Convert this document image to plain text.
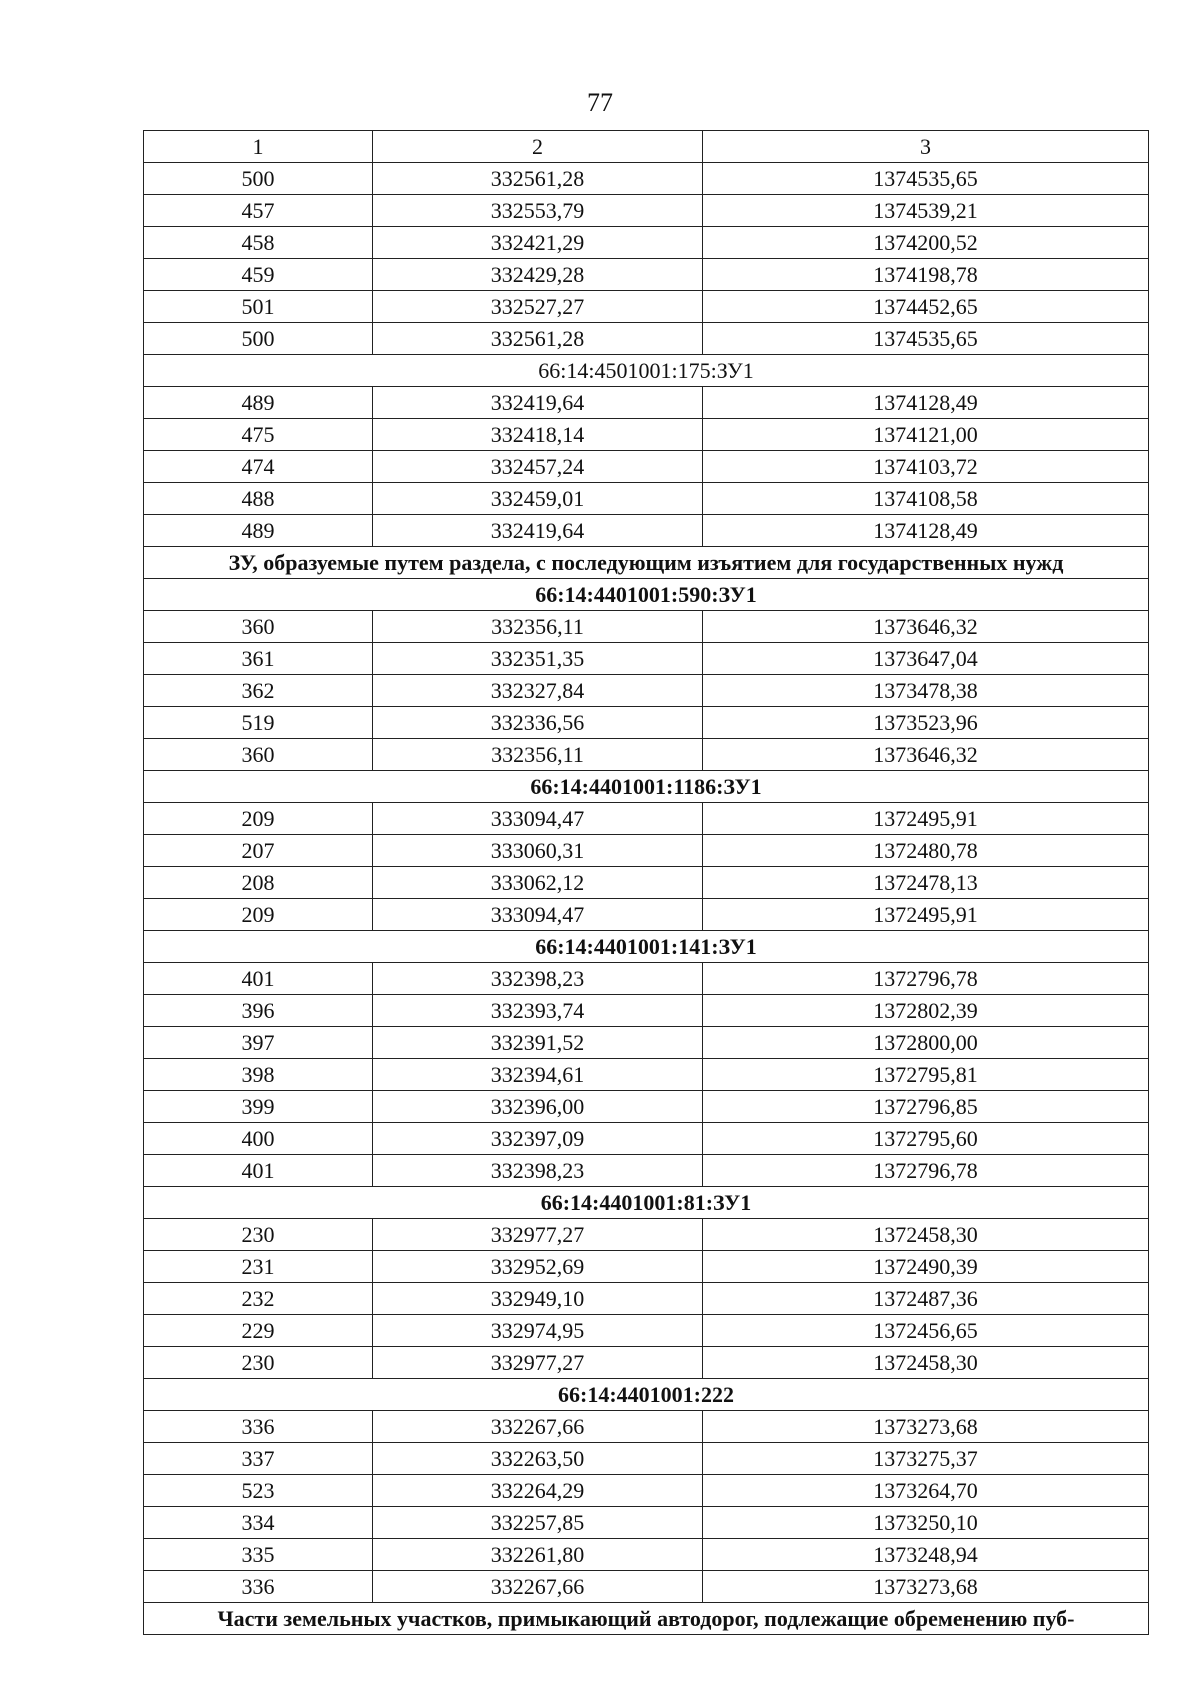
77
1	2	3
500	332561,28	1374535,65
457	332553,79	1374539,21
458	332421,29	1374200,52
459	332429,28	1374198,78
501	332527,27	1374452,65
500	332561,28	1374535,65
66:14:4501001:175:ЗУ1		
489	332419,64	1374128,49
475	332418,14	1374121,00
474	332457,24	1374103,72
488	332459,01	1374108,58
489	332419,64	1374128,49
ЗУ, образуемые путем раздела, с последующим изъятием для государственных нужд		
66:14:4401001:590:ЗУ1		
360	332356,11	1373646,32
361	332351,35	1373647,04
362	332327,84	1373478,38
519	332336,56	1373523,96
360	332356,11	1373646,32
66:14:4401001:1186:ЗУ1		
209	333094,47	1372495,91
207	333060,31	1372480,78
208	333062,12	1372478,13
209	333094,47	1372495,91
66:14:4401001:141:ЗУ1		
401	332398,23	1372796,78
396	332393,74	1372802,39
397	332391,52	1372800,00
398	332394,61	1372795,81
399	332396,00	1372796,85
400	332397,09	1372795,60
401	332398,23	1372796,78
66:14:4401001:81:ЗУ1		
230	332977,27	1372458,30
231	332952,69	1372490,39
232	332949,10	1372487,36
229	332974,95	1372456,65
230	332977,27	1372458,30
66:14:4401001:222		
336	332267,66	1373273,68
337	332263,50	1373275,37
523	332264,29	1373264,70
334	332257,85	1373250,10
335	332261,80	1373248,94
336	332267,66	1373273,68
Части земельных участков, примыкающий автодорог, подлежащие обременению пуб-		
